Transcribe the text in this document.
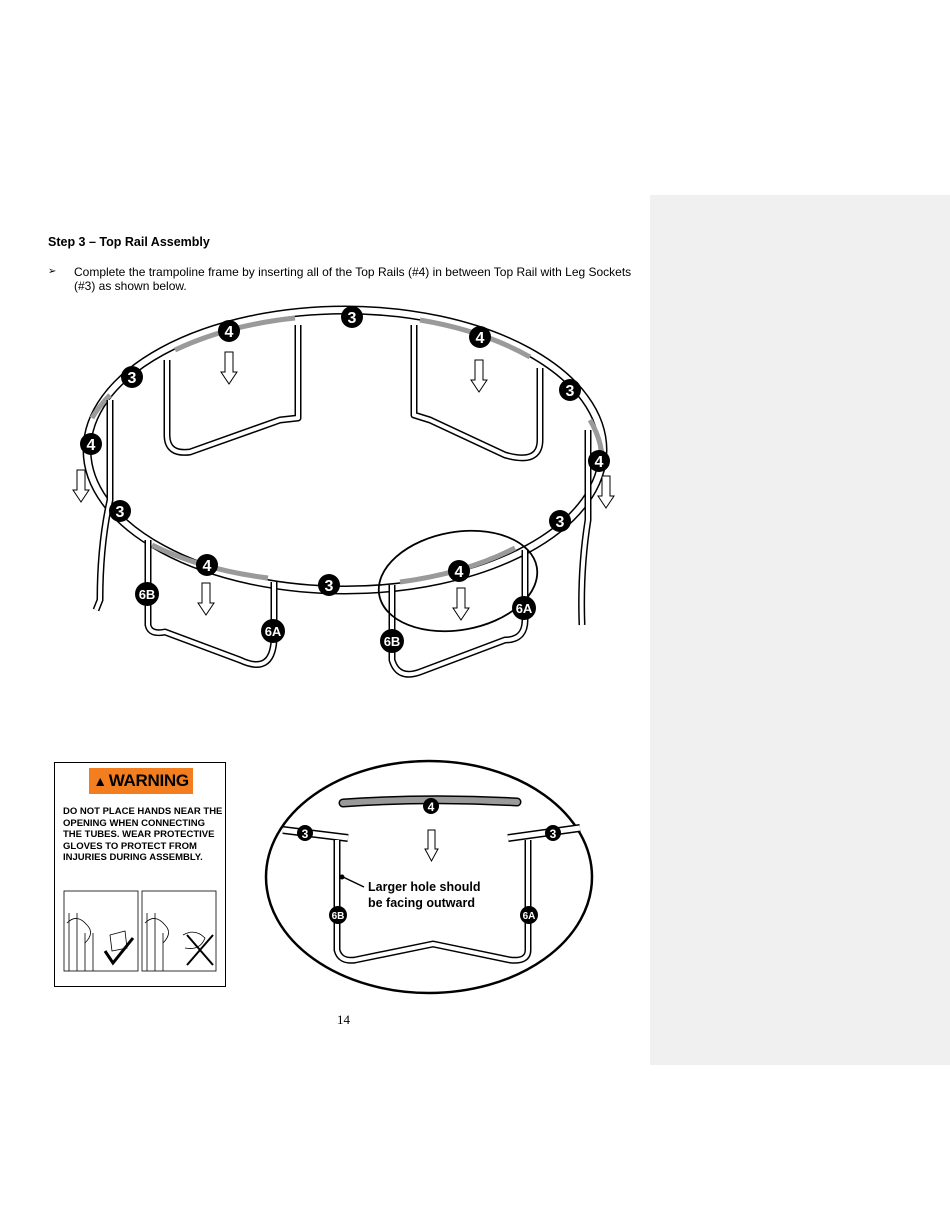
Step 3 – Top Rail Assembly
➢ Complete the trampoline frame by inserting all of the Top Rails (#4) in between Top Rail with Leg Sockets (#3) as shown below.
3
4	4
3
3
4
4
3
3
4
3
4
6B
6A
6B
6A
4
3	3
6B	6A
Larger hole should be facing outward
▲ WARNING
DO NOT PLACE HANDS NEAR THE OPENING WHEN CONNECTING THE TUBES. WEAR PROTECTIVE GLOVES TO PROTECT FROM INJURIES DURING ASSEMBLY.
14
